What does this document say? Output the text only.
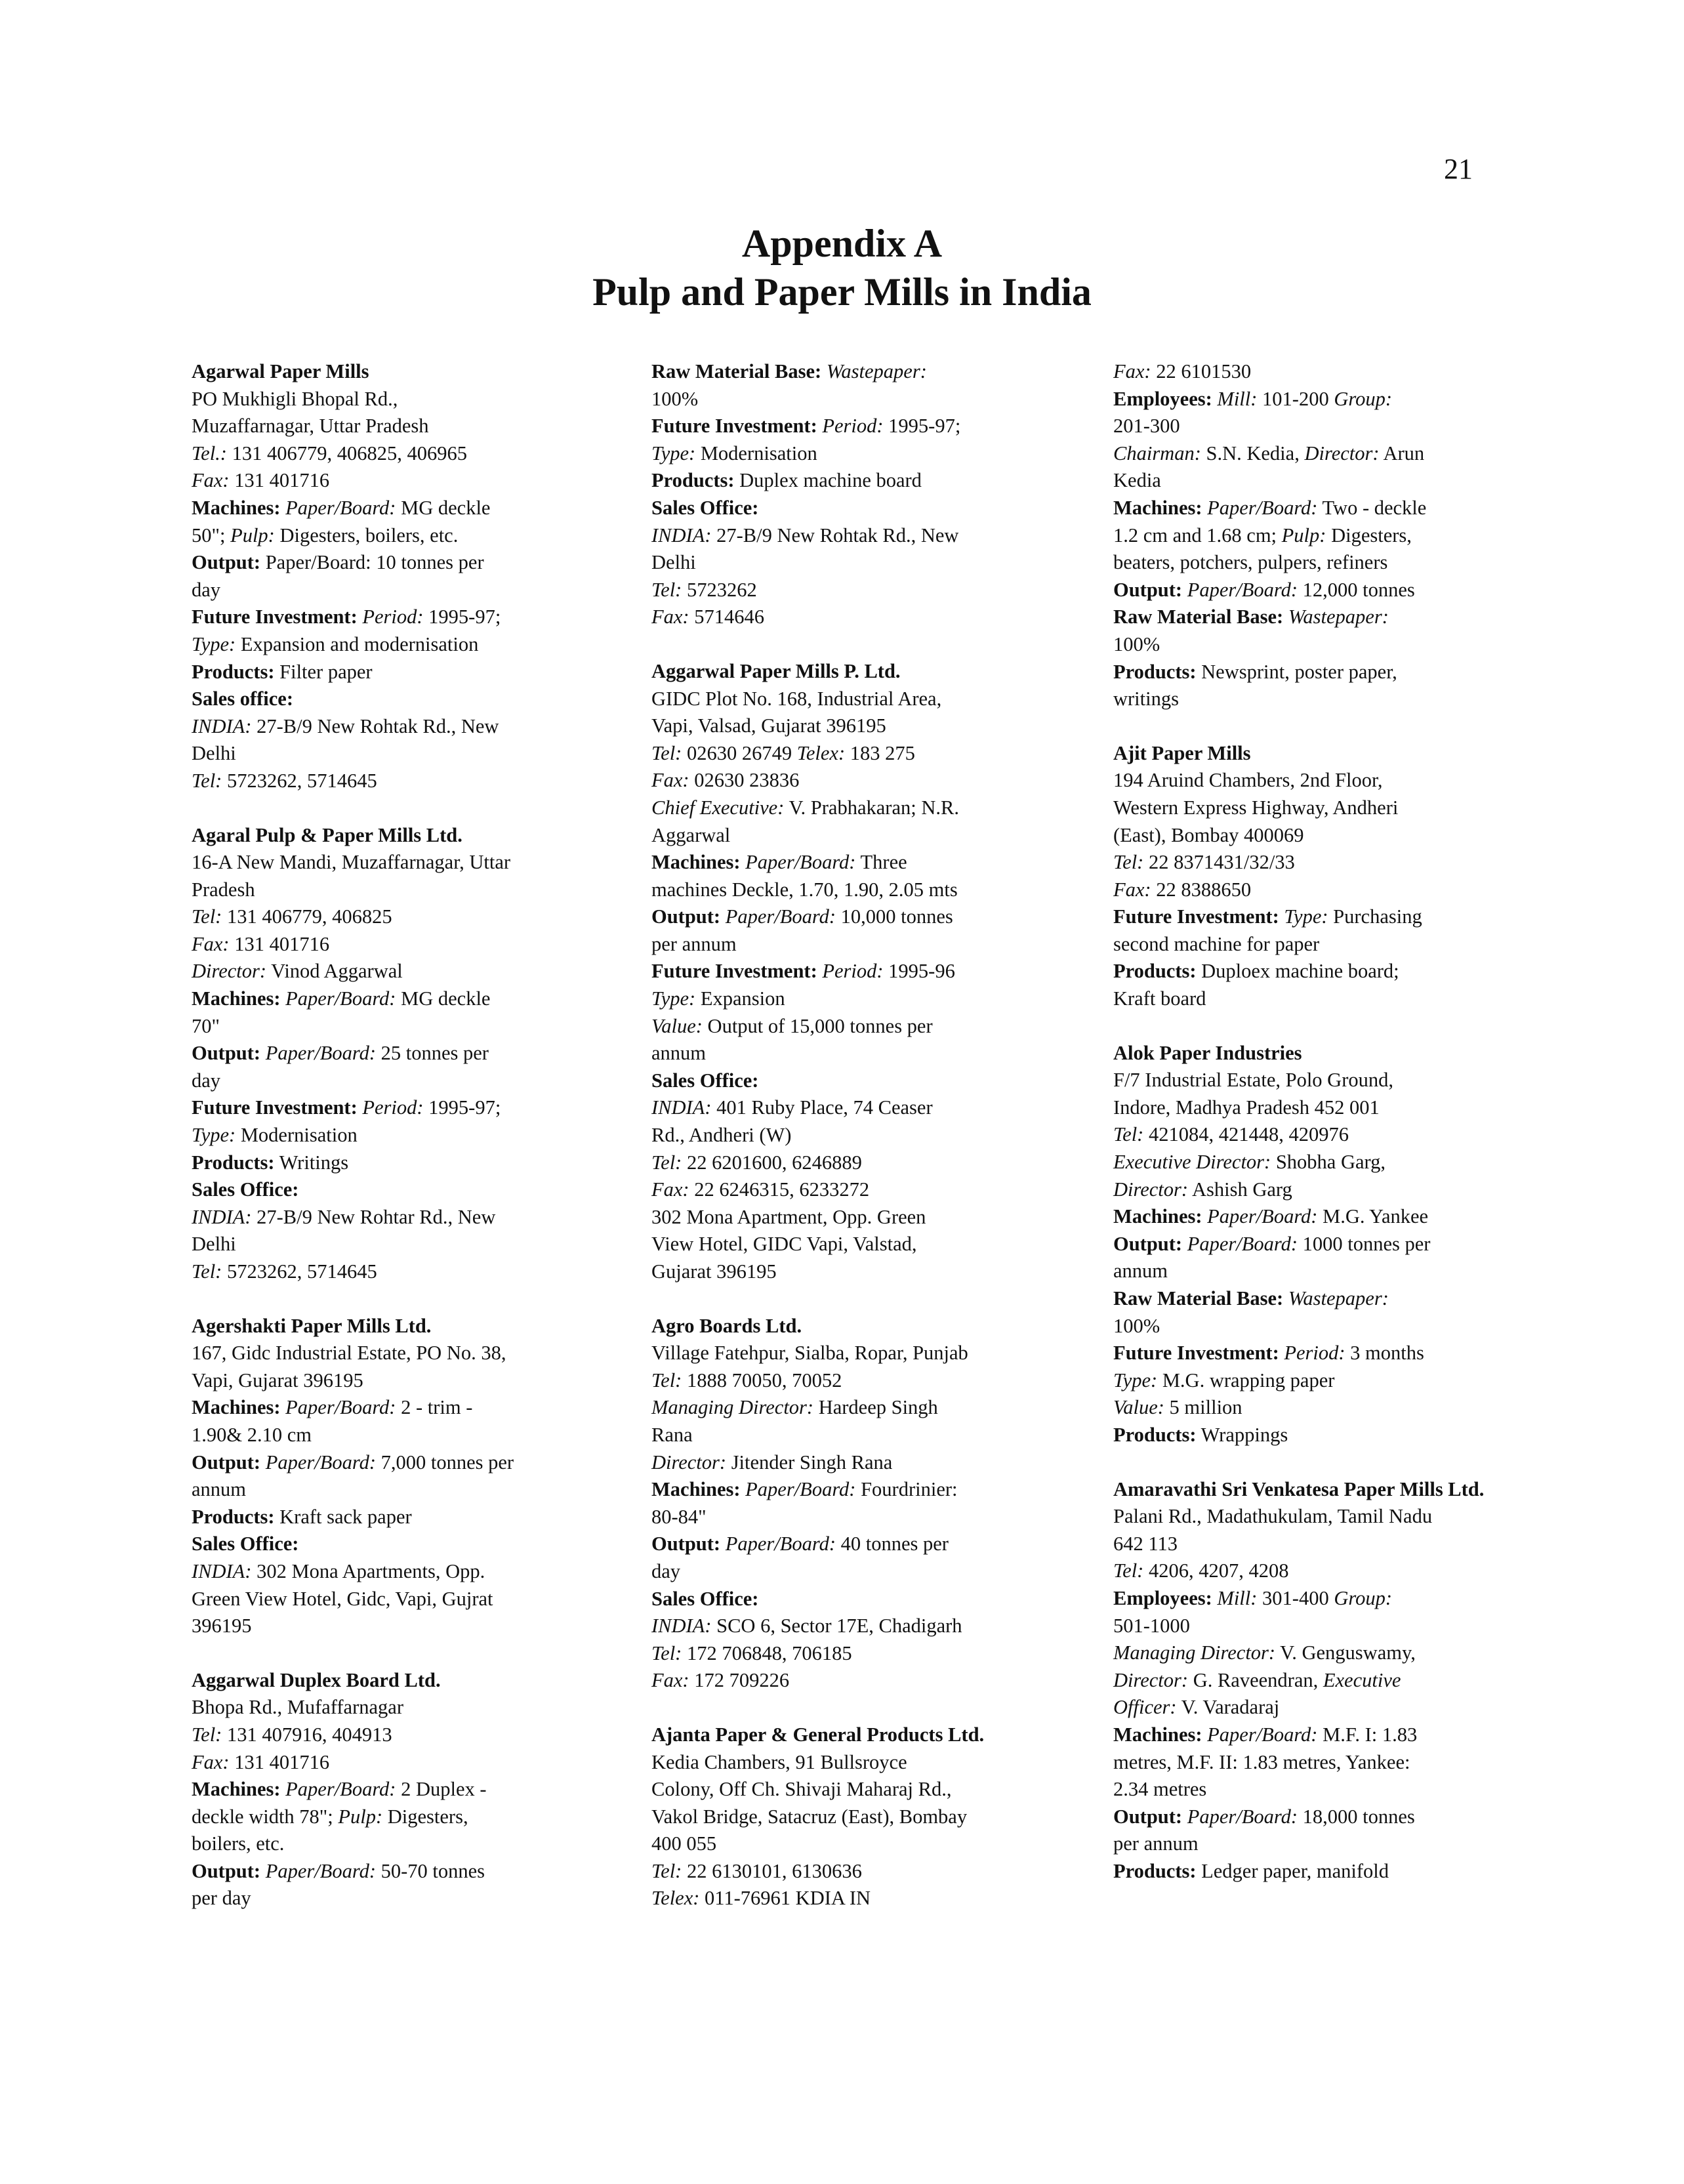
21
Appendix A
Pulp and Paper Mills in India
Agarwal Paper Mills
PO Mukhigli Bhopal Rd.,
Muzaffarnagar, Uttar Pradesh
Tel.: 131 406779, 406825, 406965
Fax: 131 401716
Machines: Paper/Board: MG deckle
50"; Pulp: Digesters, boilers, etc.
Output: Paper/Board: 10 tonnes per
day
Future Investment: Period: 1995-97;
Type: Expansion and modernisation
Products: Filter paper
Sales office:
INDIA: 27-B/9 New Rohtak Rd., New
Delhi
Tel: 5723262, 5714645
Agaral Pulp & Paper Mills Ltd.
16-A New Mandi, Muzaffarnagar, Uttar
Pradesh
Tel: 131 406779, 406825
Fax: 131 401716
Director: Vinod Aggarwal
Machines: Paper/Board: MG deckle
70"
Output: Paper/Board: 25 tonnes per
day
Future Investment: Period: 1995-97;
Type: Modernisation
Products: Writings
Sales Office:
INDIA: 27-B/9 New Rohtar Rd., New
Delhi
Tel: 5723262, 5714645
Agershakti Paper Mills Ltd.
167, Gidc Industrial Estate, PO No. 38,
Vapi, Gujarat 396195
Machines: Paper/Board: 2 - trim -
1.90& 2.10 cm
Output: Paper/Board: 7,000 tonnes per
annum
Products: Kraft sack paper
Sales Office:
INDIA: 302 Mona Apartments, Opp.
Green View Hotel, Gidc, Vapi, Gujrat
396195
Aggarwal Duplex Board Ltd.
Bhopa Rd., Mufaffarnagar
Tel: 131 407916, 404913
Fax: 131 401716
Machines: Paper/Board: 2 Duplex -
deckle width 78"; Pulp: Digesters,
boilers, etc.
Output: Paper/Board: 50-70 tonnes
per day
Raw Material Base: Wastepaper:
100%
Future Investment: Period: 1995-97;
Type: Modernisation
Products: Duplex machine board
Sales Office:
INDIA: 27-B/9 New Rohtak Rd., New
Delhi
Tel: 5723262
Fax: 5714646
Aggarwal Paper Mills P. Ltd.
GIDC Plot No. 168, Industrial Area,
Vapi, Valsad, Gujarat 396195
Tel: 02630 26749 Telex: 183 275
Fax: 02630 23836
Chief Executive: V. Prabhakaran; N.R.
Aggarwal
Machines: Paper/Board: Three
machines Deckle, 1.70, 1.90, 2.05 mts
Output: Paper/Board: 10,000 tonnes
per annum
Future Investment: Period: 1995-96
Type: Expansion
Value: Output of 15,000 tonnes per
annum
Sales Office:
INDIA: 401 Ruby Place, 74 Ceaser
Rd., Andheri (W)
Tel: 22 6201600, 6246889
Fax: 22 6246315, 6233272
302 Mona Apartment, Opp. Green
View Hotel, GIDC Vapi, Valstad,
Gujarat 396195
Agro Boards Ltd.
Village Fatehpur, Sialba, Ropar, Punjab
Tel: 1888 70050, 70052
Managing Director: Hardeep Singh
Rana
Director: Jitender Singh Rana
Machines: Paper/Board: Fourdrinier:
80-84"
Output: Paper/Board: 40 tonnes per
day
Sales Office:
INDIA: SCO 6, Sector 17E, Chadigarh
Tel: 172 706848, 706185
Fax: 172 709226
Ajanta Paper & General Products Ltd.
Kedia Chambers, 91 Bullsroyce
Colony, Off Ch. Shivaji Maharaj Rd.,
Vakol Bridge, Satacruz (East), Bombay
400 055
Tel: 22 6130101, 6130636
Telex: 011-76961 KDIA IN
Fax: 22 6101530
Employees: Mill: 101-200 Group:
201-300
Chairman: S.N. Kedia, Director: Arun
Kedia
Machines: Paper/Board: Two - deckle
1.2 cm and 1.68 cm; Pulp: Digesters,
beaters, potchers, pulpers, refiners
Output: Paper/Board: 12,000 tonnes
Raw Material Base: Wastepaper:
100%
Products: Newsprint, poster paper,
writings
Ajit Paper Mills
194 Aruind Chambers, 2nd Floor,
Western Express Highway, Andheri
(East), Bombay 400069
Tel: 22 8371431/32/33
Fax: 22 8388650
Future Investment: Type: Purchasing
second machine for paper
Products: Duploex machine board;
Kraft board
Alok Paper Industries
F/7 Industrial Estate, Polo Ground,
Indore, Madhya Pradesh 452 001
Tel: 421084, 421448, 420976
Executive Director: Shobha Garg,
Director: Ashish Garg
Machines: Paper/Board: M.G. Yankee
Output: Paper/Board: 1000 tonnes per
annum
Raw Material Base: Wastepaper:
100%
Future Investment: Period: 3 months
Type: M.G. wrapping paper
Value: 5 million
Products: Wrappings
Amaravathi Sri Venkatesa Paper Mills Ltd.
Palani Rd., Madathukulam, Tamil Nadu
642 113
Tel: 4206, 4207, 4208
Employees: Mill: 301-400 Group:
501-1000
Managing Director: V. Genguswamy,
Director: G. Raveendran, Executive
Officer: V. Varadaraj
Machines: Paper/Board: M.F. I: 1.83
metres, M.F. II: 1.83 metres, Yankee:
2.34 metres
Output: Paper/Board: 18,000 tonnes
per annum
Products: Ledger paper, manifold
